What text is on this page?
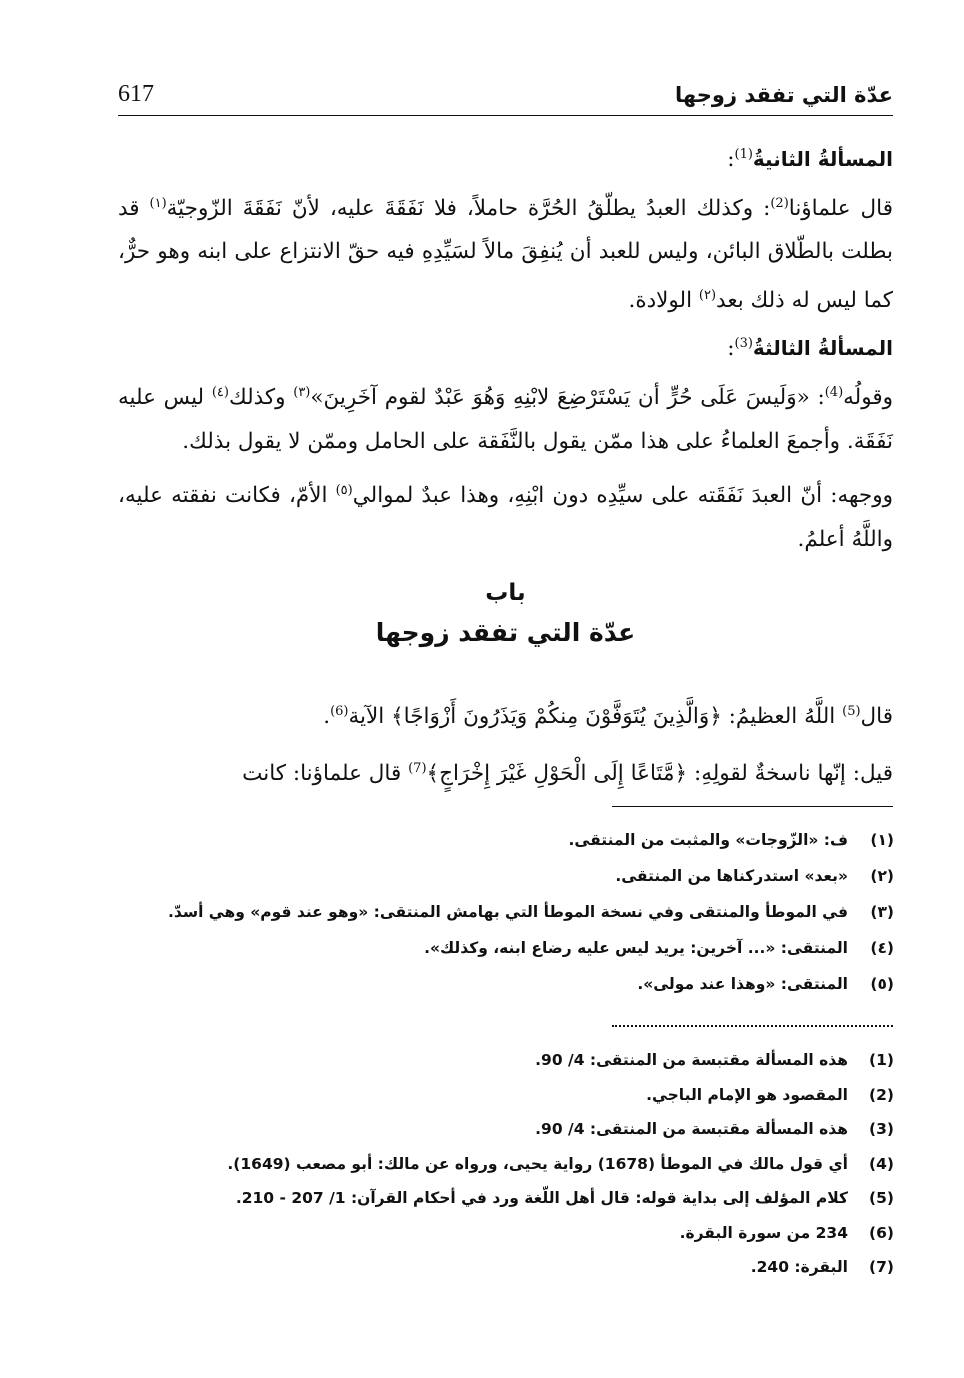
عدّة التي تفقد زوجها
617

المسألةُ الثانيةُ$^{(1)}$:

قال علماؤنا$^{(2)}$: وكذلك العبدُ يطلّقُ الحُرَّة حاملاً، فلا نَفَقَةَ عليه، لأنّ نَفَقَةَ الزّوجيّة$^{(١)}$ قد بطلت بالطّلاق البائن، وليس للعبد أن يُنفِقَ مالاً لسَيِّدِهِ فيه حقّ الانتزاع على ابنه وهو حرٌّ، كما ليس له ذلك بعد$^{(٢)}$ الولادة.

المسألةُ الثالثةُ$^{(3)}$:

وقولُه$^{(4)}$: «وَلَيسَ عَلَى حُرٍّ أن يَسْتَرْضِعَ لابْنِهِ وَهُوَ عَبْدٌ لقوم آخَرِينَ»$^{(٣)}$ وكذلك$^{(٤)}$ ليس عليه نَفَقَة. وأجمعَ العلماءُ على هذا ممّن يقول بالنَّفَقة على الحامل وممّن لا يقول بذلك.

ووجهه: أنّ العبدَ نَفَقَته على سيِّدِه دون ابْنِهِ، وهذا عبدٌ لموالي$^{(٥)}$ الأمّ، فكانت نفقته عليه، واللَّهُ أعلمُ.

باب
عدّة التي تفقد زوجها

قال$^{(5)}$ اللَّهُ العظيمُ: ﴿وَالَّذِينَ يُتَوَفَّوْنَ مِنكُمْ وَيَذَرُونَ أَزْوَاجًا﴾ الآية$^{(6)}$.

قيل: إنّها ناسخةٌ لقولِهِ: ﴿مَّتَاعًا إِلَى الْحَوْلِ غَيْرَ إِخْرَاجٍ﴾$^{(7)}$ قال علماؤنا: كانت

(١)
ف: «الزّوجات» والمثبت من المنتقى.
(٢)
«بعد» استدركناها من المنتقى.
(٣)
في الموطأ والمنتقى وفي نسخة الموطأ التي بهامش المنتقى: «وهو عند قوم» وهي أسدّ.
(٤)
المنتقى: «... آخرين: يريد ليس عليه رضاع ابنه، وكذلك».
(٥)
المنتقى: «وهذا عند مولى».
(1)
هذه المسألة مقتبسة من المنتقى: 4/ 90.
(2)
المقصود هو الإمام الباجي.
(3)
هذه المسألة مقتبسة من المنتقى: 4/ 90.
(4)
أي قول مالك في الموطأ (1678) رواية يحيى، ورواه عن مالك: أبو مصعب (1649).
(5)
كلام المؤلف إلى بداية قوله: قال أهل اللّغة ورد في أحكام القرآن: 1/ 207 - 210.
(6)
234 من سورة البقرة.
(7)
البقرة: 240.
